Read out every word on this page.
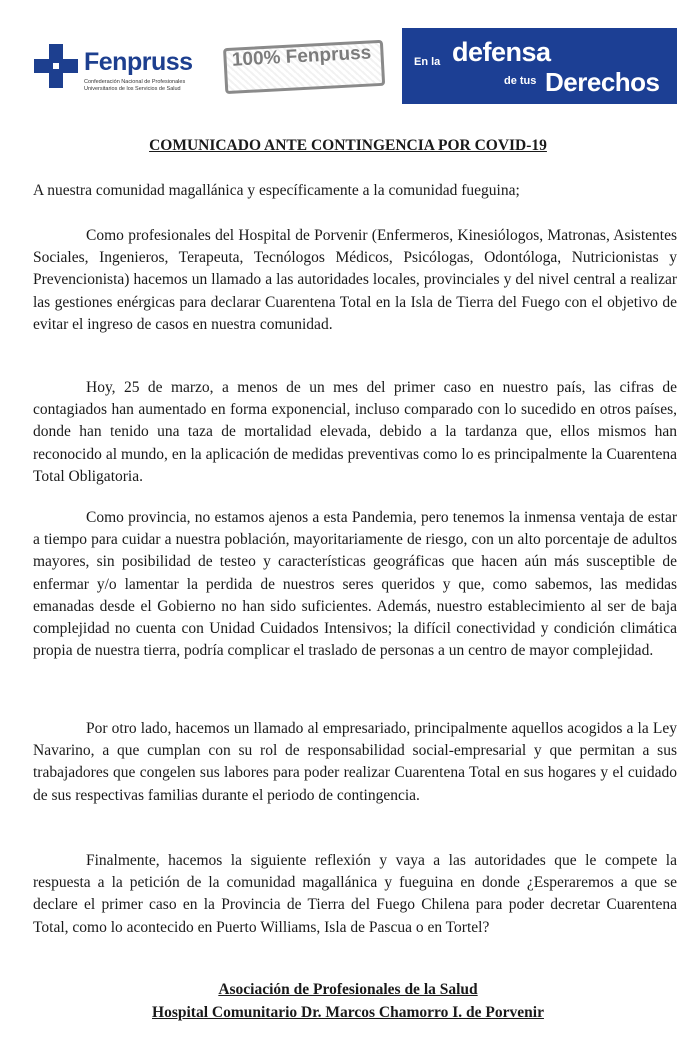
Fenpruss
Confederación Nacional de Profesionales Universitarios de los Servicios de Salud
100% Fenpruss	En la defensa
de tus Derechos
COMUNICADO ANTE CONTINGENCIA POR COVID-19
A nuestra comunidad magallánica y específicamente a la comunidad fueguina;

Como profesionales del Hospital de Porvenir (Enfermeros, Kinesiólogos, Matronas, Asistentes Sociales, Ingenieros, Terapeuta, Tecnólogos Médicos, Psicólogas, Odontóloga, Nutricionistas y Prevencionista) hacemos un llamado a las autoridades locales, provinciales y del nivel central a realizar las gestiones enérgicas para declarar Cuarentena Total en la Isla de Tierra del Fuego con el objetivo de evitar el ingreso de casos en nuestra comunidad.

Hoy, 25 de marzo, a menos de un mes del primer caso en nuestro país, las cifras de contagiados han aumentado en forma exponencial, incluso comparado con lo sucedido en otros países, donde han tenido una taza de mortalidad elevada, debido a la tardanza que, ellos mismos han reconocido al mundo, en la aplicación de medidas preventivas como lo es principalmente la Cuarentena Total Obligatoria.

Como provincia, no estamos ajenos a esta Pandemia, pero tenemos la inmensa ventaja de estar a tiempo para cuidar a nuestra población, mayoritariamente de riesgo, con un alto porcentaje de adultos mayores, sin posibilidad de testeo y características geográficas que hacen aún más susceptible de enfermar y/o lamentar la perdida de nuestros seres queridos y que, como sabemos, las medidas emanadas desde el Gobierno no han sido suficientes. Además, nuestro establecimiento al ser de baja complejidad no cuenta con Unidad Cuidados Intensivos; la difícil conectividad y condición climática propia de nuestra tierra, podría complicar el traslado de personas a un centro de mayor complejidad.

Por otro lado, hacemos un llamado al empresariado, principalmente aquellos acogidos a la Ley Navarino, a que cumplan con su rol de responsabilidad social-empresarial y que permitan a sus trabajadores que congelen sus labores para poder realizar Cuarentena Total en sus hogares y el cuidado de sus respectivas familias durante el periodo de contingencia.

Finalmente, hacemos la siguiente reflexión y vaya a las autoridades que le compete la respuesta a la petición de la comunidad magallánica y fueguina en donde ¿Esperaremos a que se declare el primer caso en la Provincia de Tierra del Fuego Chilena para poder decretar Cuarentena Total, como lo acontecido en Puerto Williams, Isla de Pascua o en Tortel?

Asociación de Profesionales de la Salud
Hospital Comunitario Dr. Marcos Chamorro I. de Porvenir
